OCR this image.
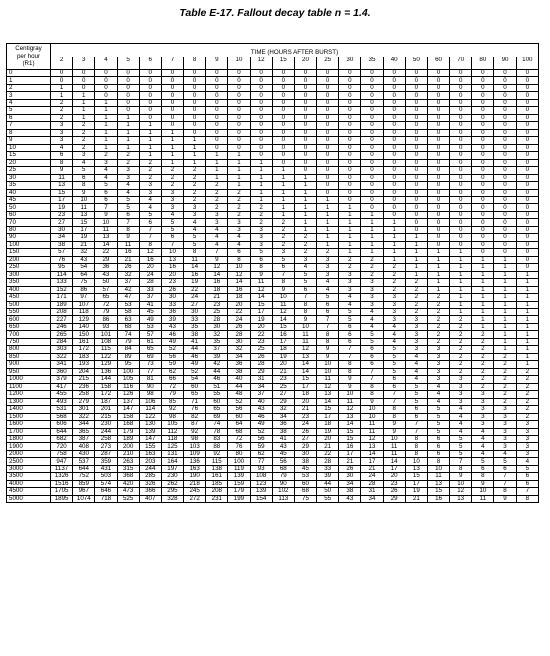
Table E-17. Fallout decay table n = 1.4.
Centigray
per hour
(R1)	TIME (HOURS AFTER BURST)																					
	2	3	4	5	6	7	8	9	10	12	15	20	25	30	35	40	50	60	70	80	90	100
0	0	0	0	0	0	0	0	0	0	0	0	0	0	0	0	0	0	0	0	0	0	0
1	0	0	0	0	0	0	0	0	0	0	0	0	0	0	0	0	0	0	0	0	0	0
2	1	0	0	0	0	0	0	0	0	0	0	0	0	0	0	0	0	0	0	0	0	0
3	1	1	0	0	0	0	0	0	0	0	0	0	0	0	0	0	0	0	0	0	0	0
4	2	1	1	0	0	0	0	0	0	0	0	0	0	0	0	0	0	0	0	0	0	0
5	2	1	1	0	0	0	0	0	0	0	0	0	0	0	0	0	0	0	0	0	0	0
6	2	1	1	1	0	0	0	0	0	0	0	0	0	0	0	0	0	0	0	0	0	0
7	3	2	1	1	1	0	0	0	0	0	0	0	0	0	0	0	0	0	0	0	0	0
8	3	2	1	1	1	1	0	0	0	0	0	0	0	0	0	0	0	0	0	0	0	0
9	3	2	1	1	1	1	1	0	0	0	0	0	0	0	0	0	0	0	0	0	0	0
10	4	2	1	1	1	1	1	0	0	0	0	0	0	0	0	0	0	0	0	0	0	0
15	6	3	2	2	1	1	1	1	1	0	0	0	0	0	0	0	0	0	0	0	0	0
20	8	4	3	2	2	1	1	1	1	1	0	0	0	0	0	0	0	0	0	0	0	0
25	9	5	4	3	2	2	2	1	1	1	1	0	0	0	0	0	0	0	0	0	0	0
30	11	6	4	3	2	2	2	1	1	1	1	1	0	0	0	0	0	0	0	0	0	0
35	13	8	5	4	3	2	2	2	1	1	1	1	0	0	0	0	0	0	0	0	0	0
40	15	9	6	4	3	3	2	2	2	1	1	1	0	0	0	0	0	0	0	0	0	0
45	17	10	6	5	4	3	2	2	2	1	1	1	1	0	0	0	0	0	0	0	0	0
50	19	11	7	5	4	3	3	2	2	2	1	1	1	1	0	0	0	0	0	0	0	0
60	23	13	9	6	5	4	3	3	2	2	1	1	1	1	1	0	0	0	0	0	0	0
70	27	15	10	7	6	5	4	3	3	2	2	1	1	1	1	1	0	0	0	0	0	0
80	30	17	11	8	7	5	4	4	3	3	2	1	1	1	1	1	0	0	0	0	0	0
90	34	19	13	9	7	6	5	4	4	3	2	2	1	1	1	1	1	0	0	0	0	0
100	38	21	14	11	8	7	5	4	4	3	2	2	1	1	1	1	1	0	0	0	0	0
150	57	32	22	16	12	10	8	7	6	5	3	2	2	1	1	1	1	1	1	0	0	0
200	76	43	29	21	16	13	11	9	8	6	5	3	3	2	2	1	1	1	1	1	1	0
250	95	54	36	26	20	16	14	12	10	8	6	4	3	2	2	2	1	1	1	1	1	0
300	114	64	43	32	24	20	16	14	12	9	7	5	3	3	2	2	1	1	1	1	1	1
350	133	75	50	37	28	23	19	16	14	11	8	5	4	3	3	2	2	1	1	1	1	1
400	152	86	57	42	33	26	22	18	16	12	9	6	4	3	3	2	2	1	1	1	1	1
450	171	97	65	47	37	30	24	21	18	14	10	7	5	4	3	3	2	2	1	1	1	1
500	189	107	72	53	41	33	27	23	20	15	11	8	6	4	3	3	2	2	1	1	1	1
550	208	118	79	58	45	36	30	25	22	17	12	8	6	5	4	3	2	2	1	1	1	1
600	227	129	86	63	49	39	33	28	24	19	14	9	7	5	4	3	3	2	2	1	1	1
650	246	140	93	68	53	43	35	30	26	20	15	10	7	6	4	4	3	2	2	1	1	1
700	265	150	101	74	57	46	38	32	28	22	16	11	8	6	5	4	3	2	2	2	1	1
750	284	161	108	79	61	49	41	35	30	23	17	11	8	6	5	4	3	2	2	2	1	1
800	303	172	115	84	65	52	44	37	32	25	18	12	9	7	6	5	3	3	2	2	1	1
850	322	183	122	89	69	56	46	39	34	26	19	13	9	7	6	5	4	3	2	2	2	1
900	341	193	129	95	73	59	49	42	36	28	20	14	10	8	6	5	4	3	2	2	2	1
950	360	204	136	100	77	62	52	44	38	29	21	14	10	8	7	5	4	3	2	2	2	2
1000	379	215	144	105	81	66	54	46	40	31	23	15	11	9	7	6	4	3	3	2	2	2
1100	417	236	158	116	90	72	60	51	44	34	25	17	12	9	8	6	5	4	3	2	2	2
1200	455	258	172	126	98	79	65	55	48	37	27	18	13	10	8	7	5	4	3	3	2	2
1300	493	279	187	137	106	85	71	60	52	40	29	20	14	11	9	7	5	4	3	3	2	2
1400	531	301	201	147	114	92	76	65	56	43	32	21	15	12	10	8	6	5	4	3	3	2
1500	568	322	215	158	122	98	82	69	60	46	34	23	17	13	10	8	6	5	4	3	3	2
1600	606	344	230	168	130	105	87	74	64	49	36	24	18	14	11	9	7	5	4	3	3	3
1700	644	365	244	179	139	112	92	78	68	52	38	26	19	15	11	9	7	5	4	4	3	3
1800	682	387	258	189	147	118	98	83	72	56	41	27	20	15	12	10	8	6	5	4	3	3
1900	720	408	273	200	155	125	103	88	76	59	43	29	21	16	13	11	8	6	5	4	3	3
2000	758	430	287	210	163	131	109	92	80	62	45	30	22	17	14	11	8	6	5	4	4	3
2500	947	537	359	263	203	164	136	115	100	77	56	38	28	21	17	14	10	8	7	5	5	4
3000	1137	644	431	315	244	197	163	138	119	93	68	45	33	26	21	17	13	10	8	6	6	5
3500	1326	752	503	368	285	230	190	161	139	108	79	53	39	30	24	20	15	11	9	8	7	6
4000	1516	859	574	420	326	262	218	185	159	123	90	60	44	34	28	23	17	13	10	9	7	6
4500	1705	967	646	473	366	295	245	208	179	139	102	68	50	38	31	26	19	15	12	10	8	7
5000	1895	1074	718	525	407	328	272	231	199	154	113	75	55	43	34	29	21	16	13	11	9	8
